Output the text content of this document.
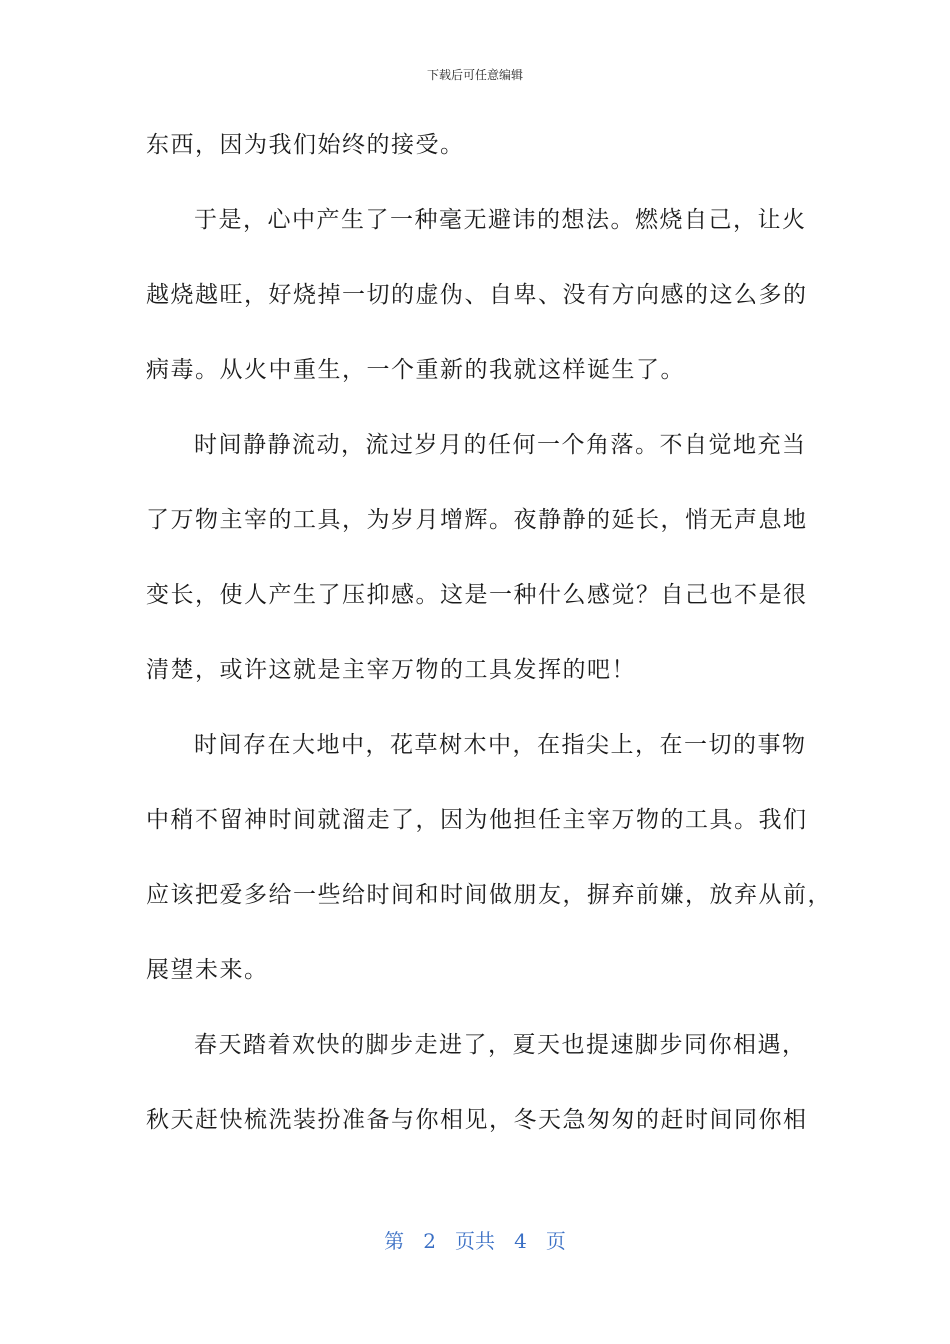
下载后可任意编辑
东西，因为我们始终的接受。
于是，心中产生了一种毫无避讳的想法。燃烧自己，让火
越烧越旺，好烧掉一切的虚伪、自卑、没有方向感的这么多的
病毒。从火中重生，一个重新的我就这样诞生了。
时间静静流动，流过岁月的任何一个角落。不自觉地充当
了万物主宰的工具，为岁月增辉。夜静静的延长，悄无声息地
变长，使人产生了压抑感。这是一种什么感觉？自己也不是很
清楚，或许这就是主宰万物的工具发挥的吧！
时间存在大地中，花草树木中，在指尖上，在一切的事物
中稍不留神时间就溜走了，因为他担任主宰万物的工具。我们
应该把爱多给一些给时间和时间做朋友，摒弃前嫌，放弃从前，
展望未来。
春天踏着欢快的脚步走进了，夏天也提速脚步同你相遇，
秋天赶快梳洗装扮准备与你相见，冬天急匆匆的赶时间同你相
第 2 页共 4 页
